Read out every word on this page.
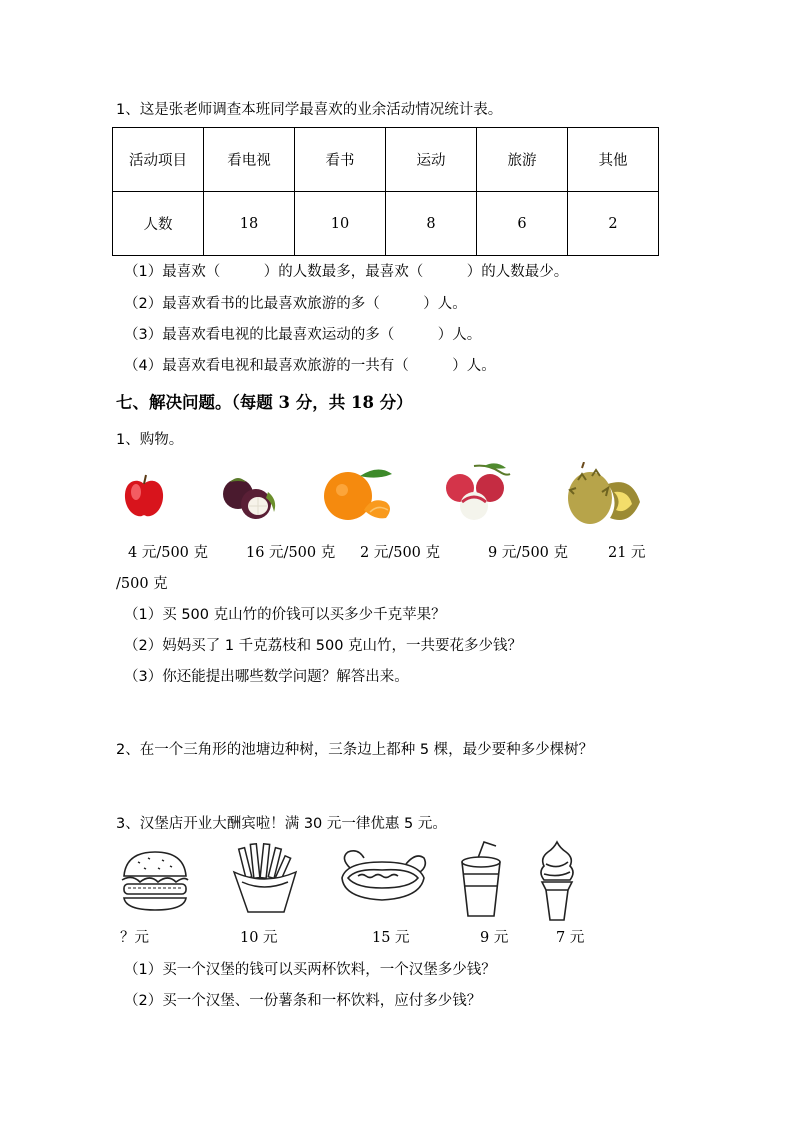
1、这是张老师调查本班同学最喜欢的业余活动情况统计表。
活动项目	看电视	看书	运动	旅游	其他
人数	18	10	8	6	2
（1）最喜欢（　　　）的人数最多，最喜欢（　　　）的人数最少。
（2）最喜欢看书的比最喜欢旅游的多（　　　）人。
（3）最喜欢看电视的比最喜欢运动的多（　　　）人。
（4）最喜欢看电视和最喜欢旅游的一共有（　　　）人。
七、解决问题。（每题 3 分，共 18 分）
1、购物。
4 元/500 克	16 元/500 克 2 元/500 克	9 元/500 克	21 元
/500 克
（1）买 500 克山竹的价钱可以买多少千克苹果？
（2）妈妈买了 1 千克荔枝和 500 克山竹，一共要花多少钱？
（3）你还能提出哪些数学问题？解答出来。
2、在一个三角形的池塘边种树，三条边上都种 5 棵，最少要种多少棵树？
3、汉堡店开业大酬宾啦！满 30 元一律优惠 5 元。
？元	10 元	15 元	9 元	7 元
（1）买一个汉堡的钱可以买两杯饮料，一个汉堡多少钱？
（2）买一个汉堡、一份薯条和一杯饮料，应付多少钱？
